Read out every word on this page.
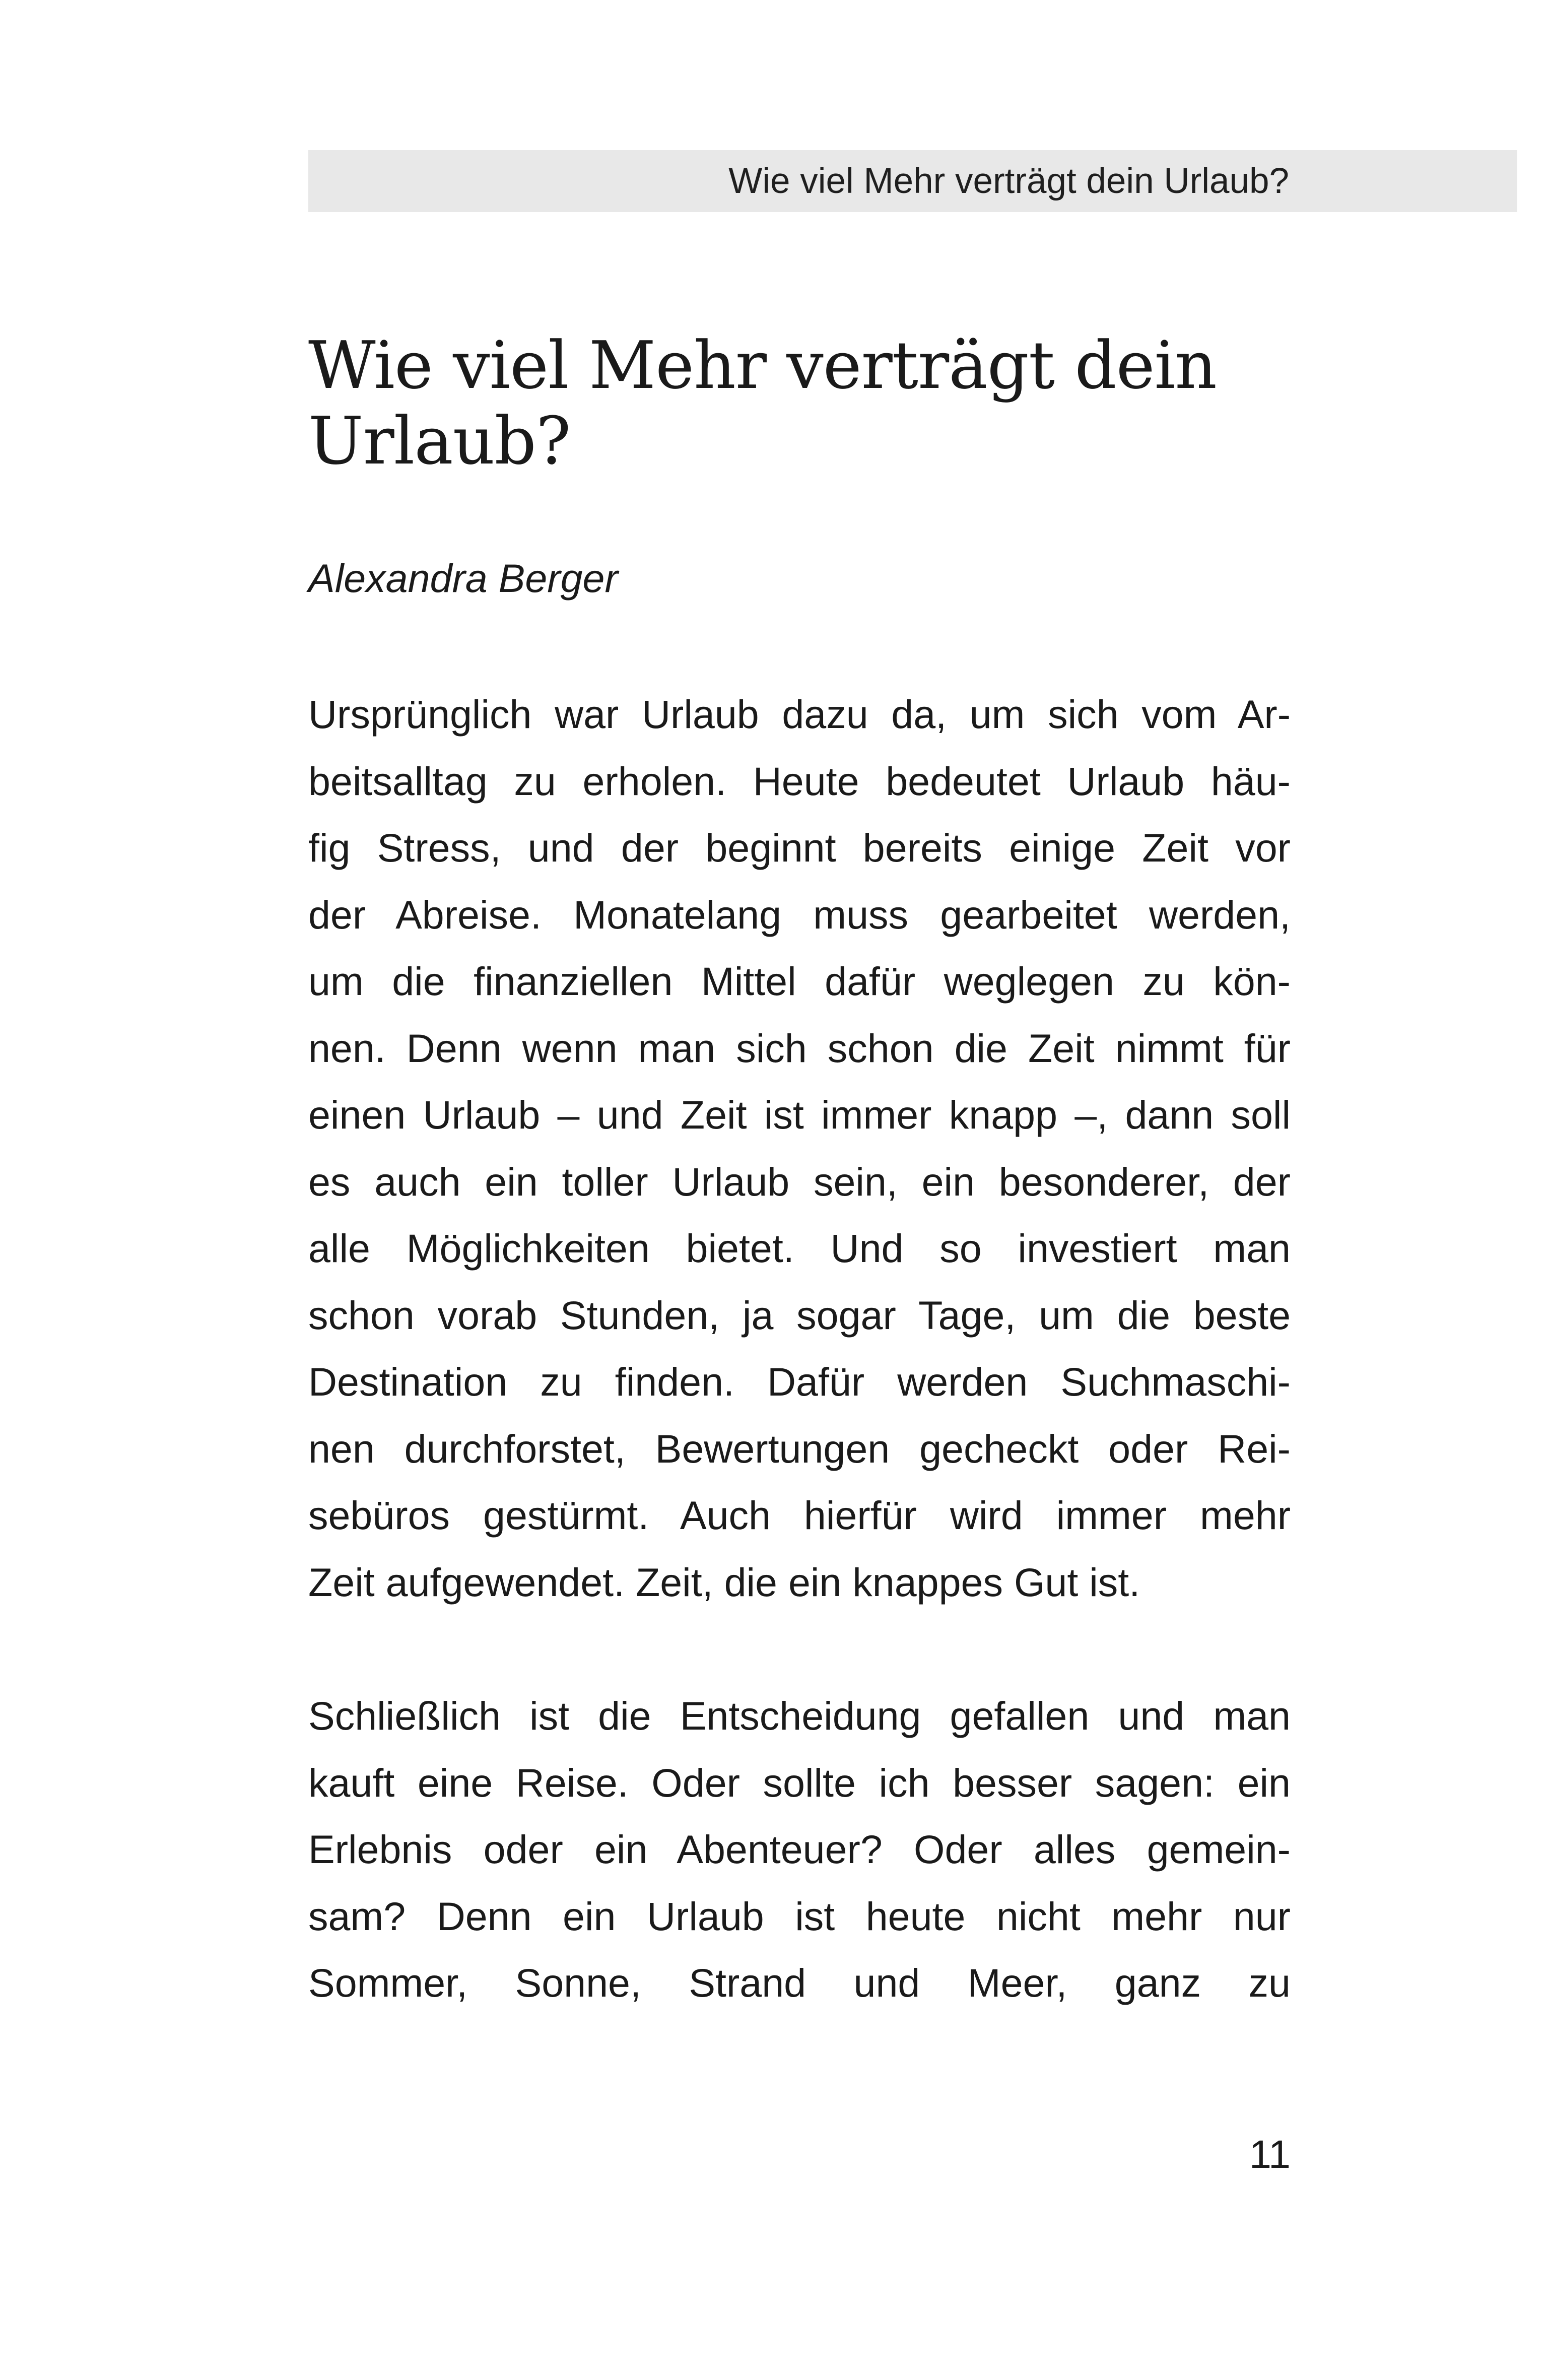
Wie viel Mehr verträgt dein Urlaub?
Wie viel Mehr verträgt dein
Urlaub?

Alexandra Berger

Ursprünglich war Urlaub dazu da, um sich vom Ar-
beitsalltag zu erholen. Heute bedeutet Urlaub häu-
fig Stress, und der beginnt bereits einige Zeit vor
der Abreise. Monatelang muss gearbeitet werden,
um die finanziellen Mittel dafür weglegen zu kön-
nen. Denn wenn man sich schon die Zeit nimmt für
einen Urlaub – und Zeit ist immer knapp –, dann soll
es auch ein toller Urlaub sein, ein besonderer, der
alle Möglichkeiten bietet. Und so investiert man
schon vorab Stunden, ja sogar Tage, um die beste
Destination zu finden. Dafür werden Suchmaschi-
nen durchforstet, Bewertungen gecheckt oder Rei-
sebüros gestürmt. Auch hierfür wird immer mehr
Zeit aufgewendet. Zeit, die ein knappes Gut ist.

Schließlich ist die Entscheidung gefallen und man
kauft eine Reise. Oder sollte ich besser sagen: ein
Erlebnis oder ein Abenteuer? Oder alles gemein-
sam? Denn ein Urlaub ist heute nicht mehr nur
Sommer, Sonne, Strand und Meer, ganz zu

11
